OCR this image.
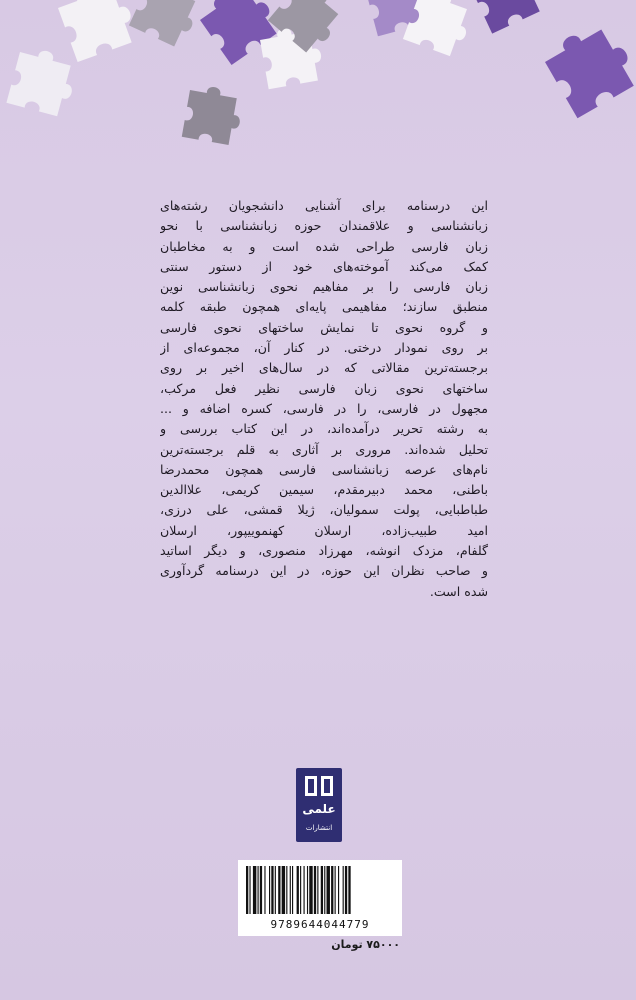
این درسنامه برای آشنایی دانشجویان رشته‌های
زبانشناسی و علاقمندان حوزه زبانشناسی با نحو
زبان فارسی طراحی شده است و به مخاطبان
کمک می‌کند آموخته‌های خود از دستور سنتی
زبان فارسی را بر مفاهیم نحوی زبانشناسی نوین
منطبق سازند؛ مفاهیمی پایه‌ای همچون طبقه کلمه
و گروه نحوی تا نمایش ساختهای نحوی فارسی
بر روی نمودار درختی. در کنار آن، مجموعه‌ای از
برجسته‌ترین مقالاتی که در سال‌های اخیر بر روی
ساختهای نحوی زبان فارسی نظیر فعل مرکب،
مجهول در فارسی، را در فارسی، کسره اضافه و ...
به رشته تحریر درآمده‌اند، در این کتاب بررسی و
تحلیل شده‌اند. مروری بر آثاری به قلم برجسته‌ترین
نام‌های عرصه زبانشناسی فارسی همچون محمدرضا
باطنی، محمد دبیرمقدم، سیمین کریمی، علاالدین
طباطبایی، پولت سمولیان، ژیلا قمشی، علی درزی،
امید طبیب‌زاده، ارسلان کهنموییپور، ارسلان
گلفام، مزدک انوشه، مهرزاد منصوری، و دیگر اساتید
و صاحب نظران این حوزه، در این درسنامه گردآوری
شده است.
علمی
انتشارات
9789644044779
۷۵۰۰۰ تومان
